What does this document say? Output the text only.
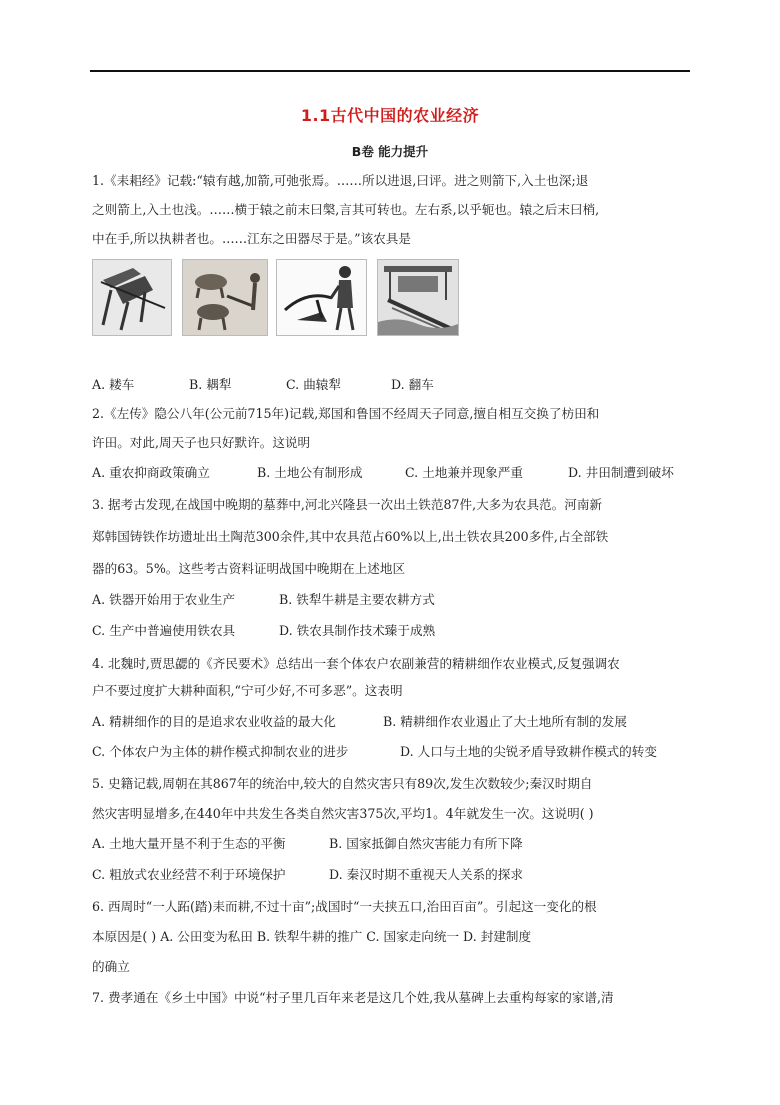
1.1古代中国的农业经济
B卷 能力提升
1.《耒耜经》记载:“辕有越,加箭,可弛张焉。……所以进退,曰评。进之则箭下,入土也深;退
之则箭上,入土也浅。……横于辕之前末曰槃,言其可转也。左右系,以乎轭也。辕之后末曰梢,
中在手,所以执耕者也。……江东之田器尽于是。”该农具是
A. 耧车	B. 耦犁	C. 曲辕犁	D. 翻车
2.《左传》隐公八年(公元前715年)记载,郑国和鲁国不经周天子同意,擅自相互交换了枋田和
许田。对此,周天子也只好默许。这说明
A. 重农抑商政策确立	B. 土地公有制形成	C. 土地兼并现象严重	D. 井田制遭到破坏
3. 据考古发现,在战国中晚期的墓葬中,河北兴隆县一次出土铁范87件,大多为农具范。河南新
郑韩国铸铁作坊遗址出土陶范300余件,其中农具范占60%以上,出土铁农具200多件,占全部铁
器的63。5%。这些考古资料证明战国中晚期在上述地区
A. 铁器开始用于农业生产	B. 铁犁牛耕是主要农耕方式
C. 生产中普遍使用铁农具	D. 铁农具制作技术臻于成熟
4. 北魏时,贾思勰的《齐民要术》总结出一套个体农户农副兼营的精耕细作农业模式,反复强调农
户不要过度扩大耕种面积,“宁可少好,不可多恶”。这表明
A. 精耕细作的目的是追求农业收益的最大化	B. 精耕细作农业遏止了大土地所有制的发展
C. 个体农户为主体的耕作模式抑制农业的进步	D. 人口与土地的尖锐矛盾导致耕作模式的转变
5. 史籍记载,周朝在其867年的统治中,较大的自然灾害只有89次,发生次数较少;秦汉时期自
然灾害明显增多,在440年中共发生各类自然灾害375次,平均1。4年就发生一次。这说明( )
A. 土地大量开垦不利于生态的平衡	B. 国家抵御自然灾害能力有所下降
C. 粗放式农业经营不利于环境保护	D. 秦汉时期不重视天人关系的探求
6. 西周时“一人跖(踏)耒而耕,不过十亩”;战国时“一夫挟五口,治田百亩”。引起这一变化的根
本原因是( ) A. 公田变为私田 B. 铁犁牛耕的推广 C. 国家走向统一 D. 封建制度
的确立
7. 费孝通在《乡土中国》中说“村子里几百年来老是这几个姓,我从墓碑上去重构每家的家谱,清
